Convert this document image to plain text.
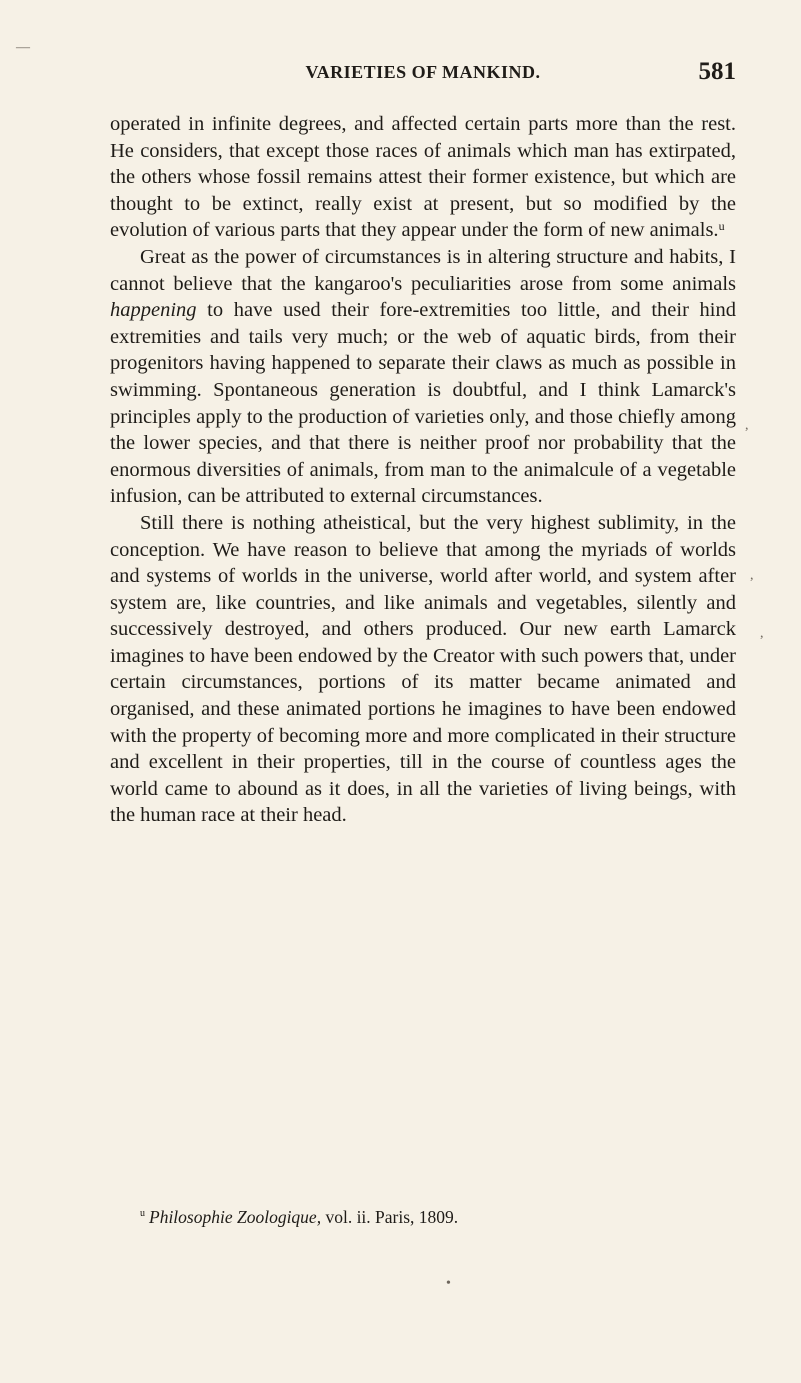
VARIETIES OF MANKIND.	581

operated in infinite degrees, and affected certain parts more than the rest. He considers, that except those races of animals which man has extirpated, the others whose fossil remains attest their former existence, but which are thought to be extinct, really exist at present, but so modified by the evolution of various parts that they appear under the form of new animals.$^u$

Great as the power of circumstances is in altering structure and habits, I cannot believe that the kangaroo's peculiarities arose from some animals happening to have used their fore-extremities too little, and their hind extremities and tails very much; or the web of aquatic birds, from their progenitors having happened to separate their claws as much as possible in swimming. Spontaneous generation is doubtful, and I think Lamarck's principles apply to the production of varieties only, and those chiefly among the lower species, and that there is neither proof nor probability that the enormous diversities of animals, from man to the animalcule of a vegetable infusion, can be attributed to external circumstances.

Still there is nothing atheistical, but the very highest sublimity, in the conception. We have reason to believe that among the myriads of worlds and systems of worlds in the universe, world after world, and system after system are, like countries, and like animals and vegetables, silently and successively destroyed, and others produced. Our new earth Lamarck imagines to have been endowed by the Creator with such powers that, under certain circumstances, portions of its matter became animated and organised, and these animated portions he imagines to have been endowed with the property of becoming more and more complicated in their structure and excellent in their properties, till in the course of countless ages the world came to abound as it does, in all the varieties of living beings, with the human race at their head.

$^u$ Philosophie Zoologique, vol. ii. Paris, 1809.
—
,
,
,
•
